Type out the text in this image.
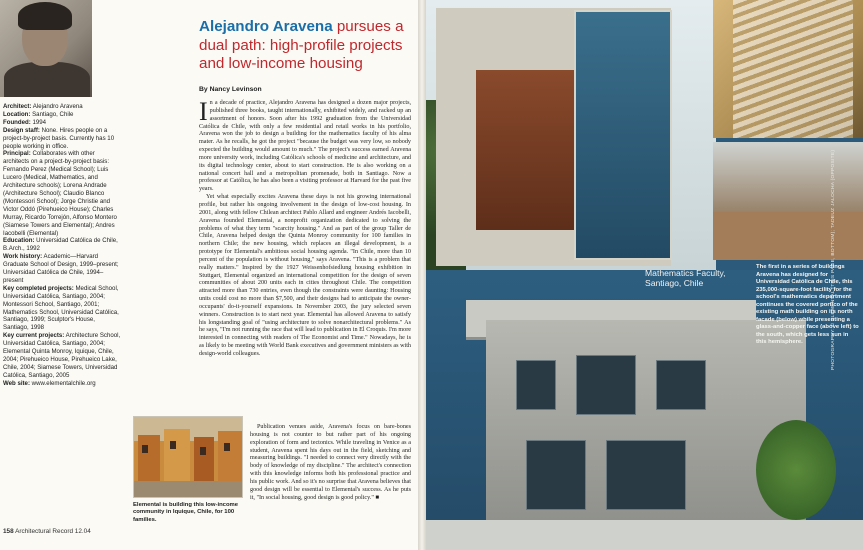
Architect: Alejandro Aravena
Location: Santiago, Chile
Founded: 1994
Design staff: None. Hires people on a project-by-project basis. Currently has 10 people working in office.
Principal: Collaborates with other architects on a project-by-project basis: Fernando Perez (Medical School); Luis Lucero (Medical, Mathematics, and Architecture schools); Lorena Andrade (Architecture School); Claudio Blanco (Montessori School); Jorge Christie and Victor Oddó (Pirehueico House); Charles Murray, Ricardo Torrejón, Alfonso Montero (Siamese Towers and Elemental); Andres Iacobelli (Elemental)
Education: Universidad Católica de Chile, B.Arch., 1992
Work history: Academic—Harvard Graduate School of Design, 1999–present; Universidad Católica de Chile, 1994–present
Key completed projects: Medical School, Universidad Católica, Santiago, 2004; Montessori School, Santiago, 2001; Mathematics School, Universidad Católica, Santiago, 1999; Sculptor's House, Santiago, 1998
Key current projects: Architecture School, Universidad Católica, Santiago, 2004; Elemental Quinta Monroy, Iquique, Chile, 2004; Pirehueico House, Pirehueico Lake, Chile, 2004; Siamese Towers, Universidad Católica, Santiago, 2005
Web site: www.elementalchile.org
Alejandro Aravena pursues a dual path: high-profile projects and low-income housing
By Nancy Levinson

In a decade of practice, Alejandro Aravena has designed a dozen major projects, published three books, taught internationally, exhibited widely, and racked up an assortment of honors. Soon after his 1992 graduation from the Universidad Católica de Chile, with only a few residential and retail works in his portfolio, Aravena won the job to design a building for the mathematics faculty of his alma mater. As he recalls, he got the project "because the budget was very low, so nobody expected the building would amount to much." The project's success earned Aravena more university work, including Católica's schools of medicine and architecture, and its digital technology center, about to start construction. He is also working on a national concert hall and a metropolitan promenade, both in Santiago. Now a professor at Católica, he has also been a visiting professor at Harvard for the past five years.

Yet what especially excites Aravena these days is not his growing international profile, but rather his ongoing involvement in the design of low-cost housing. In 2001, along with fellow Chilean architect Pablo Allard and engineer Andrés Iacobelli, Aravena founded Elemental, a nonprofit organization dedicated to solving the problems of what they term "scarcity housing." And as part of the group Taller de Chile, Aravena helped design the Quinta Monroy community for 100 families in northern Chile; the new housing, which replaces an illegal development, is a prototype for Elemental's ambitious social housing agenda. "In Chile, more than 10 percent of the population is without housing," says Aravena. "This is a problem that really matters." Inspired by the 1927 Weissenhofsiedlung housing exhibition in Stuttgart, Elemental organized an international competition for the design of seven communities of about 200 units each in cities throughout Chile. The competition attracted more than 730 entries, even though the constraints were daunting: Housing units could cost no more than $7,500, and their designs had to anticipate the owner-occupants' do-it-yourself expansions. In November 2003, the jury selected seven winners. Construction is to start next year. Elemental has allowed Aravena to satisfy his longstanding goal of "using architecture to solve nonarchitectural problems." As he says, "I'm not running the race that will lead to publication in El Croquis. I'm more interested in connecting with readers of The Economist and Time." Nowadays, he is as likely to be meeting with World Bank executives and government ministers as with design-world colleagues.

Elemental is building this low-income community in Iquique, Chile, for 100 families.

Publication venues aside, Aravena's focus on bare-bones housing is not counter to but rather part of his ongoing exploration of form and tectonics. While traveling in Venice as a student, Aravena spent his days out in the field, sketching and measuring buildings. "I needed to connect very directly with the body of knowledge of my discipline." The architect's connection with this knowledge informs both his professional practice and his public work. And so it's no surprise that Aravena believes that good design will be essential to Elemental's success. As he puts it, "In social housing, good design is good policy." ■

158 Architectural Record 12.04
Mathematics Faculty, Santiago, Chile
The first in a series of buildings Aravena has designed for Universidad Católica de Chile, this 235,000-square-foot facility for the school's mathematics department continues the covered portico of the existing math building on its north facade (below) while presenting a glass-and-copper face (above left) to the south, which gets less sun in this hemisphere.	PHOTOGRAPHY: © ELEMENTAL (THIS PAGE, BOTTOM); TADEUZ JALOCHA (OPPOSITE)
